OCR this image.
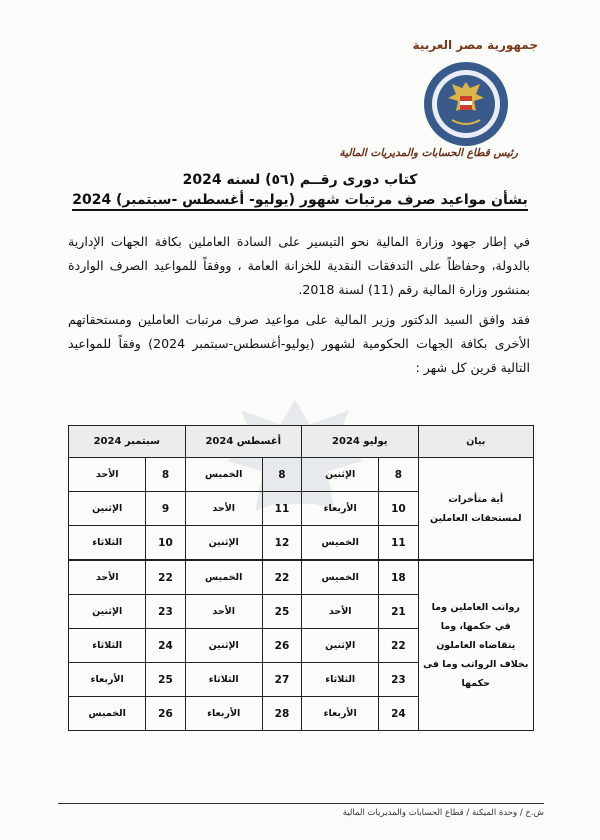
جمهورية مصر العربية
رئيس قطاع الحسابات والمديريات المالية
كتاب دورى رقــم (٥٦) لسنه 2024
بشأن مواعيد صرف مرتبات شهور (يوليو- أغسطس -سبتمبر) 2024
في إطار جهود وزارة المالية نحو التيسير على السادة العاملين بكافة الجهات الإدارية بالدولة، وحفاظاً على التدفقات النقدية للخزانة العامة ، ووفقاً للمواعيد الصرف الواردة بمنشور وزارة المالية رقم (11) لسنة 2018.
فقد وافق السيد الدكتور وزير المالية على مواعيد صرف مرتبات العاملين ومستحقاتهم الأخرى بكافة الجهات الحكومية لشهور (يوليو-أغسطس-سبتمبر 2024) وفقاً للمواعيد التالية قرين كل شهر :
بيان	يوليو 2024		أغسطس 2024		سبتمبر 2024	
أية متأخرات لمستحقات العاملين	8	الإثنين	8	الخميس	8	الأحد
	10	الأربعاء	11	الأحد	9	الإثنين
	11	الخميس	12	الإثنين	10	الثلاثاء
رواتب العاملين وما في حكمها، وما يتقاضاه العاملون بخلاف الرواتب وما فى حكمها	18	الخميس	22	الخميس	22	الأحد
	21	الأحد	25	الأحد	23	الإثنين
	22	الإثنين	26	الإثنين	24	الثلاثاء
	23	الثلاثاء	27	الثلاثاء	25	الأربعاء
	24	الأربعاء	28	الأربعاء	26	الخميس
ش.خ / وحدة الميكنة / قطاع الحسابات والمديريات المالية
